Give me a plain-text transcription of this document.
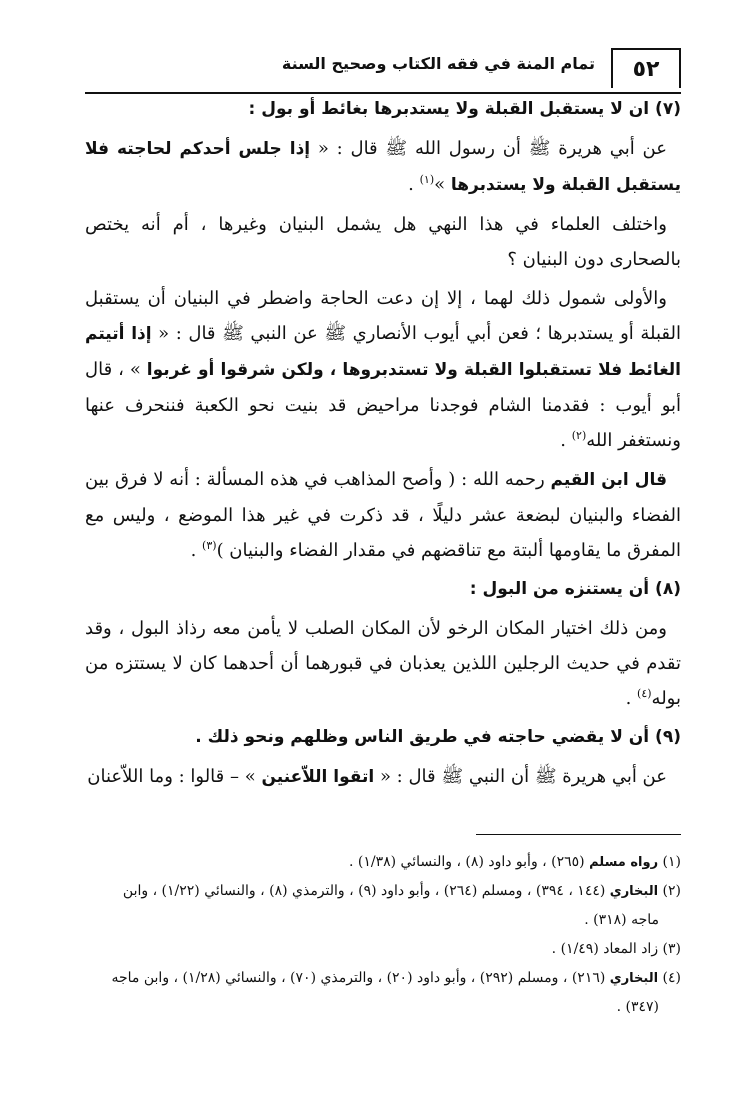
٥٢
تمام المنة في فقه الكتاب وصحيح السنة

(٧) ان لا يستقبل القبلة ولا يستدبرها بغائط أو بول :

عن أبي هريرة ﷺ أن رسول الله ﷺ قال : « إذا جلس أحدكم لحاجته فلا يستقبل القبلة ولا يستدبرها »$^{(١)}$ .

واختلف العلماء في هذا النهي هل يشمل البنيان وغيرها ، أم أنه يختص بالصحارى دون البنيان ؟

والأولى شمول ذلك لهما ، إلا إن دعت الحاجة واضطر في البنيان أن يستقبل القبلة أو يستدبرها ؛ فعن أبي أيوب الأنصاري ﷺ عن النبي ﷺ قال : « إذا أتيتم الغائط فلا تستقبلوا القبلة ولا تستدبروها ، ولكن شرقوا أو غربوا » ، قال أبو أيوب : فقدمنا الشام فوجدنا مراحيض قد بنيت نحو الكعبة فننحرف عنها ونستغفر الله$^{(٢)}$ .

قال ابن القيم رحمه الله : ( وأصح المذاهب في هذه المسألة : أنه لا فرق بين الفضاء والبنيان لبضعة عشر دليلًا ، قد ذكرت في غير هذا الموضع ، وليس مع المفرق ما يقاومها ألبتة مع تناقضهم في مقدار الفضاء والبنيان )$^{(٣)}$ .

(٨) أن يستنزه من البول :

ومن ذلك اختيار المكان الرخو لأن المكان الصلب لا يأمن معه رذاذ البول ، وقد تقدم في حديث الرجلين اللذين يعذبان في قبورهما أن أحدهما كان لا يستتزه من بوله$^{(٤)}$ .

(٩) أن لا يقضي حاجته في طريق الناس وظلهم ونحو ذلك .

عن أبي هريرة ﷺ أن النبي ﷺ قال : « اتقوا اللاّعنين » – قالوا : وما اللاّعنان

(١) رواه مسلم (٢٦٥) ، وأبو داود (٨) ، والنسائي (١/٣٨) .

(٢) البخاري (١٤٤ ، ٣٩٤) ، ومسلم (٢٦٤) ، وأبو داود (٩) ، والترمذي (٨) ، والنسائي (١/٢٢) ، وابن

ماجه (٣١٨) .

(٣) زاد المعاد (١/٤٩) .

(٤) البخاري (٢١٦) ، ومسلم (٢٩٢) ، وأبو داود (٢٠) ، والترمذي (٧٠) ، والنسائي (١/٢٨) ، وابن ماجه

(٣٤٧) .
